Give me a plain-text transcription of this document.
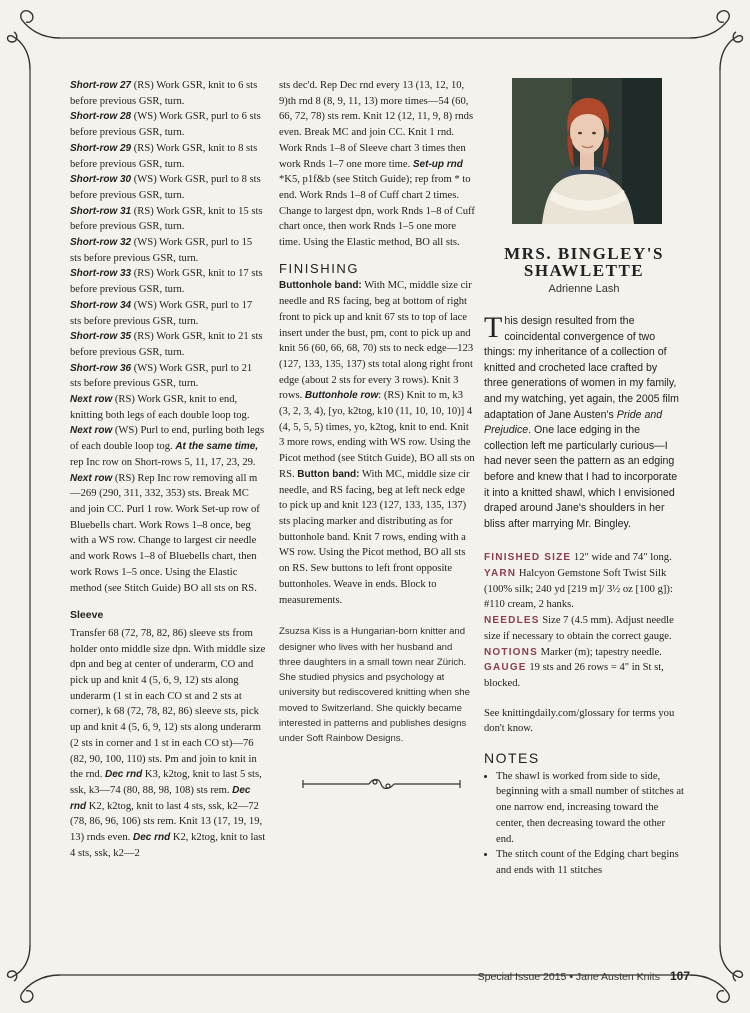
Short-row 27 (RS) Work GSR, knit to 6 sts before previous GSR, turn.

Short-row 28 (WS) Work GSR, purl to 6 sts before previous GSR, turn.

Short-row 29 (RS) Work GSR, knit to 8 sts before previous GSR, turn.

Short-row 30 (WS) Work GSR, purl to 8 sts before previous GSR, turn.

Short-row 31 (RS) Work GSR, knit to 15 sts before previous GSR, turn.

Short-row 32 (WS) Work GSR, purl to 15 sts before previous GSR, turn.

Short-row 33 (RS) Work GSR, knit to 17 sts before previous GSR, turn.

Short-row 34 (WS) Work GSR, purl to 17 sts before previous GSR, turn.

Short-row 35 (RS) Work GSR, knit to 21 sts before previous GSR, turn.

Short-row 36 (WS) Work GSR, purl to 21 sts before previous GSR, turn.

Next row (RS) Work GSR, knit to end, knitting both legs of each double loop tog. Next row (WS) Purl to end, purling both legs of each double loop tog. At the same time, rep Inc row on Short-rows 5, 11, 17, 23, 29.

Next row (RS) Rep Inc row removing all m—269 (290, 311, 332, 353) sts. Break MC and join CC. Purl 1 row. Work Set-up row of Bluebells chart. Work Rows 1–8 once, beg with a WS row. Change to largest cir needle and work Rows 1–8 of Bluebells chart, then work Rows 1–5 once. Using the Elastic method (see Stitch Guide) BO all sts on RS.

Sleeve

Transfer 68 (72, 78, 82, 86) sleeve sts from holder onto middle size dpn. With middle size dpn and beg at center of underarm, CO and pick up and knit 4 (5, 6, 9, 12) sts along underarm (1 st in each CO st and 2 sts at corner), k 68 (72, 78, 82, 86) sleeve sts, pick up and knit 4 (5, 6, 9, 12) sts along underarm (2 sts in corner and 1 st in each CO st)—76 (82, 90, 100, 110) sts. Pm and join to knit in the rnd. Dec rnd K3, k2tog, knit to last 5 sts, ssk, k3—74 (80, 88, 98, 108) sts rem. Dec rnd K2, k2tog, knit to last 4 sts, ssk, k2—72 (78, 86, 96, 106) sts rem. Knit 13 (17, 19, 19, 13) rnds even. Dec rnd K2, k2tog, knit to last 4 sts, ssk, k2—2

sts dec'd. Rep Dec rnd every 13 (13, 12, 10, 9)th rnd 8 (8, 9, 11, 13) more times—54 (60, 66, 72, 78) sts rem. Knit 12 (12, 11, 9, 8) rnds even. Break MC and join CC. Knit 1 rnd. Work Rnds 1–8 of Sleeve chart 3 times then work Rnds 1–7 one more time. Set-up rnd *K5, p1f&b (see Stitch Guide); rep from * to end. Work Rnds 1–8 of Cuff chart 2 times. Change to largest dpn, work Rnds 1–8 of Cuff chart once, then work Rnds 1–5 one more time. Using the Elastic method, BO all sts.

FINISHING

Buttonhole band: With MC, middle size cir needle and RS facing, beg at bottom of right front to pick up and knit 67 sts to top of lace insert under the bust, pm, cont to pick up and knit 56 (60, 66, 68, 70) sts to neck edge—123 (127, 133, 135, 137) sts total along right front edge (about 2 sts for every 3 rows). Knit 3 rows. Buttonhole row: (RS) Knit to m, k3 (3, 2, 3, 4), [yo, k2tog, k10 (11, 10, 10, 10)] 4 (4, 5, 5, 5) times, yo, k2tog, knit to end. Knit 3 more rows, ending with WS row. Using the Picot method (see Stitch Guide), BO all sts on RS. Button band: With MC, middle size cir needle, and RS facing, beg at left neck edge to pick up and knit 123 (127, 133, 135, 137) sts placing marker and distributing as for buttonhole band. Knit 7 rows, ending with a WS row. Using the Picot method, BO all sts on RS. Sew buttons to left front opposite buttonholes. Weave in ends. Block to measurements.

Zsuzsa Kiss is a Hungarian-born knitter and designer who lives with her husband and three daughters in a small town near Zürich. She studied physics and psychology at university but rediscovered knitting when she moved to Switzerland. She quickly became interested in patterns and publishes designs under Soft Rainbow Designs.

MRS. BINGLEY'S
SHAWLETTE
Adrienne Lash

This design resulted from the coincidental convergence of two things: my inheritance of a collection of knitted and crocheted lace crafted by three generations of women in my family, and my watching, yet again, the 2005 film adaptation of Jane Austen's Pride and Prejudice. One lace edging in the collection left me particularly curious—I had never seen the pattern as an edging before and knew that I had to incorporate it into a knitted shawl, which I envisioned draped around Jane's shoulders in her bliss after marrying Mr. Bingley.

FINISHED SIZE 12" wide and 74" long.

YARN Halcyon Gemstone Soft Twist Silk (100% silk; 240 yd [219 m]/ 3½ oz [100 g]): #110 cream, 2 hanks.

NEEDLES Size 7 (4.5 mm). Adjust needle size if necessary to obtain the correct gauge.

NOTIONS Marker (m); tapestry needle.

GAUGE 19 sts and 26 rows = 4" in St st, blocked.

See knittingdaily.com/glossary for terms you don't know.

NOTES
• The shawl is worked from side to side, beginning with a small number of stitches at one narrow end, increasing toward the center, then decreasing toward the other end.
• The stitch count of the Edging chart begins and ends with 11 stitches
Special Issue 2015 • Jane Austen Knits 107
